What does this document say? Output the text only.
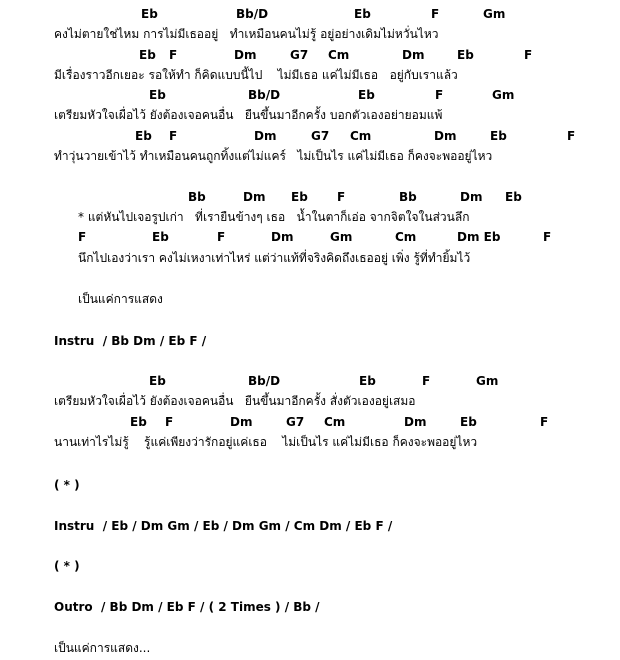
Eb	Bb/D	Eb	F	Gm
คงไม่ตายใช่ไหม การไม่มีเธออยู่   ทำเหมือนคนไม่รู้ อยู่อย่างเดิมไม่หวั่นไหว
Eb F	Dm	G7 Cm	Dm	Eb	F
มีเรื่องราวอีกเยอะ รอให้ทำ ก็คิดแบบนี้ไป    ไม่มีเธอ แค่ไม่มีเธอ   อยู่กับเราแล้ว
Eb	Bb/D	Eb	F	Gm
เตรียมหัวใจเผื่อไว้ ยังต้องเจอคนอื่น   ยืนขึ้นมาอีกครั้ง บอกตัวเองอย่ายอมแพ้
Eb F	Dm	G7 Cm	Dm	Eb	F
ทำวุ่นวายเข้าไว้ ทำเหมือนคนถูกทิ้งแต่ไม่แคร์   ไม่เป็นไร แค่ไม่มีเธอ ก็คงจะพออยู่ไหว
Bb	Dm Eb F	Bb	Dm Eb
* แต่หันไปเจอรูปเก่า   ที่เรายืนข้างๆ เธอ   น้ำในตาก็เอ่อ จากจิตใจในส่วนลึก
F	Eb	F	Dm	Gm	Cm	Dm Eb	F
นึกไปเองว่าเรา คงไม่เหงาเท่าไหร่ แต่ว่าแท้ที่จริงคิดถึงเธออยู่ เพิ่ง รู้ที่ทำยิ้มไว้
เป็นแค่การแสดง
Instru  / Bb Dm / Eb F /
Eb	Bb/D	Eb	F	Gm
เตรียมหัวใจเผื่อไว้ ยังต้องเจอคนอื่น   ยืนขึ้นมาอีกครั้ง สั่งตัวเองอยู่เสมอ
Eb F	Dm	G7 Cm	Dm	Eb	F
นานเท่าไรไม่รู้    รู้แค่เพียงว่ารักอยู่แค่เธอ    ไม่เป็นไร แค่ไม่มีเธอ ก็คงจะพออยู่ไหว
( * )
Instru  / Eb / Dm Gm / Eb / Dm Gm / Cm Dm / Eb F /
( * )
Outro  / Bb Dm / Eb F / ( 2 Times ) / Bb /
เป็นแค่การแสดง...
